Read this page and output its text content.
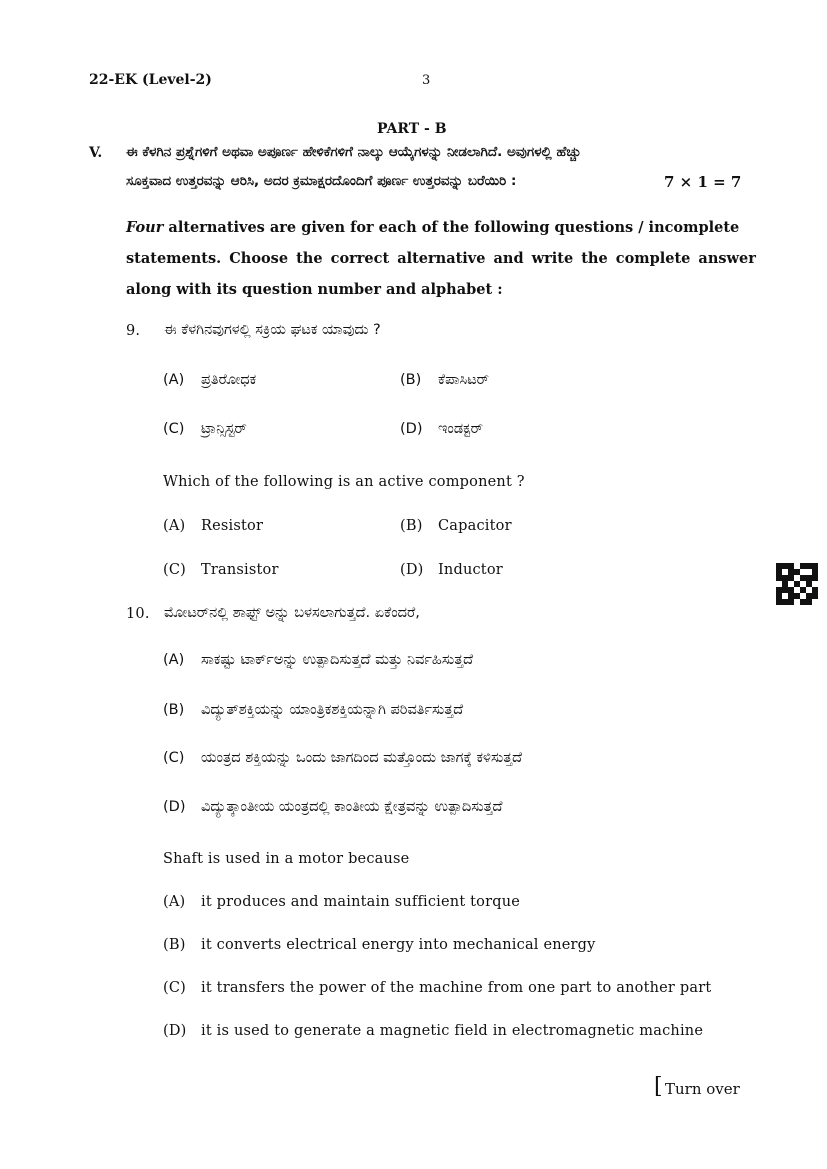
22-EK (Level-2)	3
PART - B
V. ಈ ಕೆಳಗಿನ ಪ್ರಶ್ನೆಗಳಿಗೆ ಅಥವಾ ಅಪೂರ್ಣ ಹೇಳಿಕೆಗಳಿಗೆ ನಾಲ್ಕು ಆಯ್ಕೆಗಳನ್ನು ನೀಡಲಾಗಿದೆ. ಅವುಗಳಲ್ಲಿ ಹೆಚ್ಚು
ಸೂಕ್ತವಾದ ಉತ್ತರವನ್ನು ಆರಿಸಿ, ಅದರ ಕ್ರಮಾಕ್ಷರದೊಂದಿಗೆ ಪೂರ್ಣ ಉತ್ತರವನ್ನು ಬರೆಯಿರಿ :	7 × 1 = 7
Four alternatives are given for each of the following questions / incomplete
statements. Choose the correct alternative and write the complete answer
along with its question number and alphabet :
9. ಈ ಕೆಳಗಿನವುಗಳಲ್ಲಿ ಸಕ್ರಿಯ ಘಟಕ ಯಾವುದು ?
(A) ಪ್ರತಿರೋಧಕ	(B) ಕೆಪಾಸಿಟರ್
(C) ಟ್ರಾನ್ಸಿಸ್ಟರ್	(D) ಇಂಡಕ್ಟರ್
Which of the following is an active component ?
(A) Resistor	(B) Capacitor
(C) Transistor	(D) Inductor
10. ಮೋಟರ್‌ನಲ್ಲಿ ಶಾಫ್ಟ್ ಅನ್ನು ಬಳಸಲಾಗುತ್ತದೆ. ಏಕೆಂದರೆ,
(A) ಸಾಕಷ್ಟು ಟಾರ್ಕ್‌ಅನ್ನು ಉತ್ಪಾದಿಸುತ್ತದೆ ಮತ್ತು ನಿರ್ವಹಿಸುತ್ತದೆ
(B) ವಿದ್ಯುತ್‌ಶಕ್ತಿಯನ್ನು ಯಾಂತ್ರಿಕಶಕ್ತಿಯನ್ನಾಗಿ ಪರಿವರ್ತಿಸುತ್ತದೆ
(C) ಯಂತ್ರದ ಶಕ್ತಿಯನ್ನು ಒಂದು ಜಾಗದಿಂದ ಮತ್ತೊಂದು ಜಾಗಕ್ಕೆ ಕಳಿಸುತ್ತದೆ
(D) ವಿದ್ಯುತ್ಕಾಂತೀಯ ಯಂತ್ರದಲ್ಲಿ ಕಾಂತೀಯ ಕ್ಷೇತ್ರವನ್ನು ಉತ್ಪಾದಿಸುತ್ತದೆ
Shaft is used in a motor because
(A) it produces and maintain sufficient torque
(B) it converts electrical energy into mechanical energy
(C) it transfers the power of the machine from one part to another part
(D) it is used to generate a magnetic field in electromagnetic machine
[ Turn over
